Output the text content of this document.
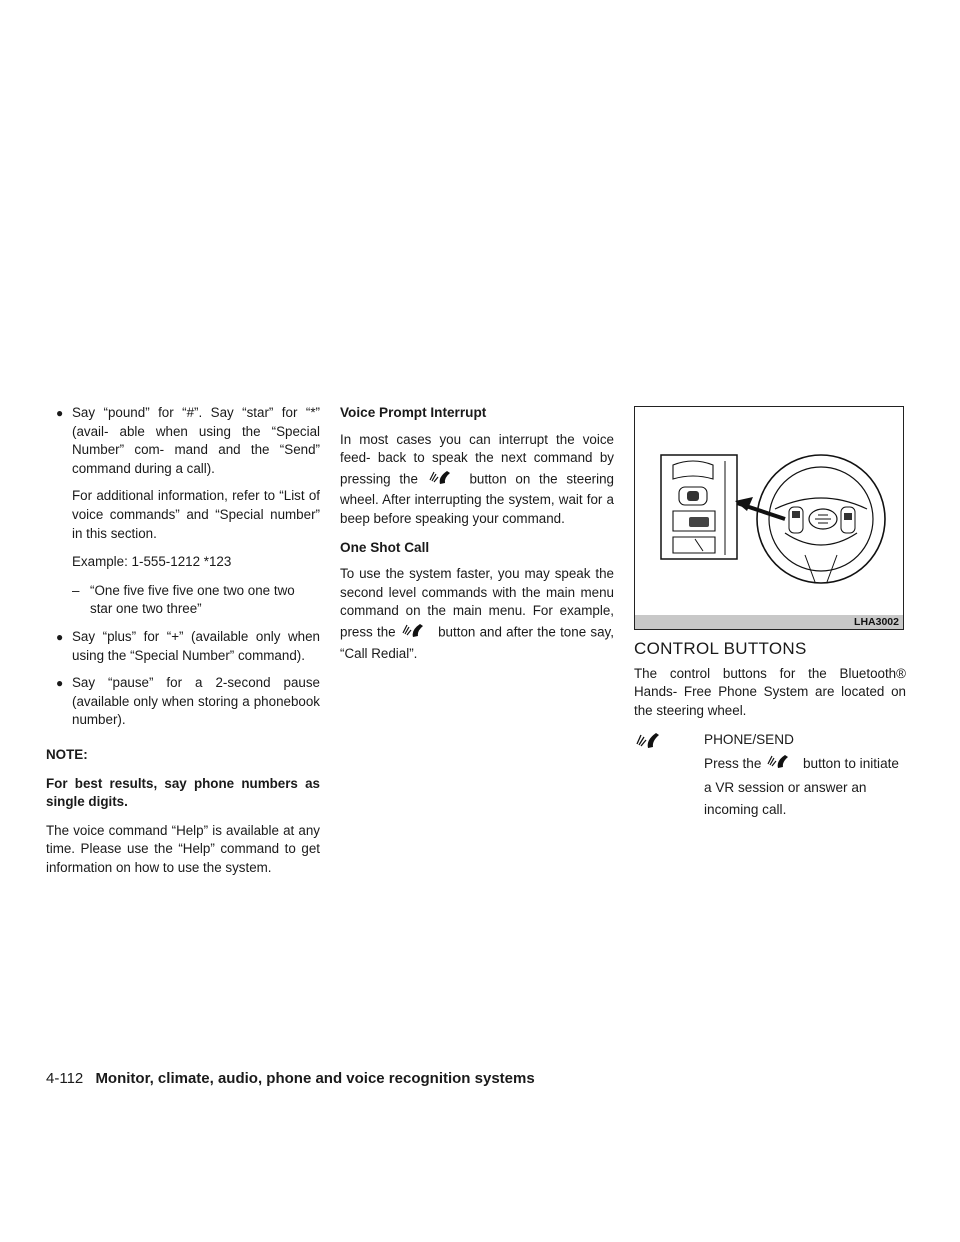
● Say “pound” for “#”. Say “star” for “*” (avail- able when using the “Special Number” com- mand and the “Send” command during a call).

For additional information, refer to “List of voice commands” and “Special number” in this section.

Example: 1-555-1212 *123

– “One five five five one two one two star one two three”
● Say “plus” for “+” (available only when using the “Special Number” command).
● Say “pause” for a 2-second pause (available only when storing a phonebook number).
NOTE:

For best results, say phone numbers as single digits.

The voice command “Help” is available at any time. Please use the “Help” command to get information on how to use the system.

Voice Prompt Interrupt

In most cases you can interrupt the voice feed- back to speak the next command by pressing the	button on the steering wheel. After interrupting the system, wait for a beep before speaking your command.

One Shot Call

To use the system faster, you may speak the second level commands with the main menu command on the main menu. For example, press the	button and after the tone say, “Call Redial”.

LHA3002
CONTROL BUTTONS

The control buttons for the Bluetooth® Hands- Free Phone System are located on the steering wheel.

PHONE/SEND
Press the	button to initiate a VR session or answer an incoming call.
4-112 Monitor, climate, audio, phone and voice recognition systems
